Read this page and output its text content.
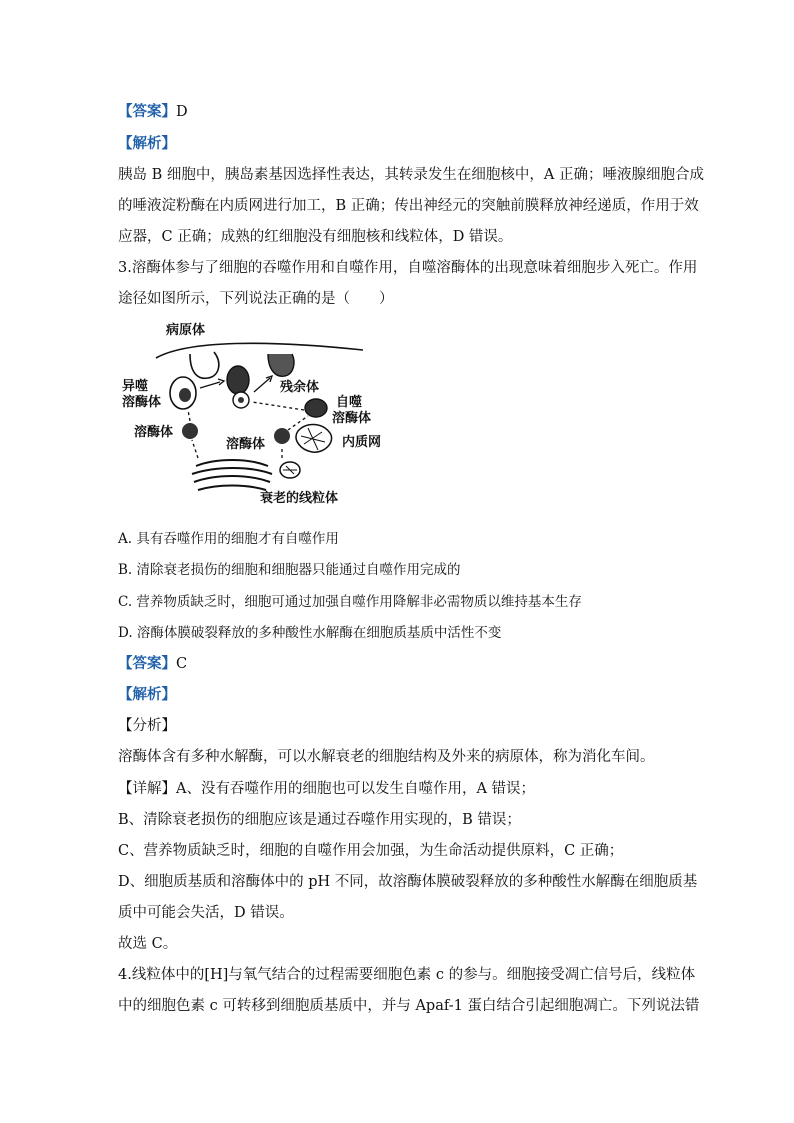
【答案】D
【解析】
胰岛 B 细胞中，胰岛素基因选择性表达，其转录发生在细胞核中，A 正确；唾液腺细胞合成
的唾液淀粉酶在内质网进行加工，B 正确；传出神经元的突触前膜释放神经递质，作用于效
应器，C 正确；成熟的红细胞没有细胞核和线粒体，D 错误。
3.溶酶体参与了细胞的吞噬作用和自噬作用，自噬溶酶体的出现意味着细胞步入死亡。作用
途径如图所示，下列说法正确的是（　　）
病原体
异噬
溶酶体
溶酶体
残余体
自噬
溶酶体
溶酶体	内质网
衰老的线粒体
A. 具有吞噬作用的细胞才有自噬作用
B. 清除衰老损伤的细胞和细胞器只能通过自噬作用完成的
C. 营养物质缺乏时，细胞可通过加强自噬作用降解非必需物质以维持基本生存
D. 溶酶体膜破裂释放的多种酸性水解酶在细胞质基质中活性不变
【答案】C
【解析】
【分析】
溶酶体含有多种水解酶，可以水解衰老的细胞结构及外来的病原体，称为消化车间。
【详解】A、没有吞噬作用的细胞也可以发生自噬作用，A 错误；
B、清除衰老损伤的细胞应该是通过吞噬作用实现的，B 错误；
C、营养物质缺乏时，细胞的自噬作用会加强，为生命活动提供原料，C 正确；
D、细胞质基质和溶酶体中的 pH 不同，故溶酶体膜破裂释放的多种酸性水解酶在细胞质基
质中可能会失活，D 错误。
故选 C。
4.线粒体中的[H]与氧气结合的过程需要细胞色素 c 的参与。细胞接受凋亡信号后，线粒体
中的细胞色素 c 可转移到细胞质基质中，并与 Apaf-1 蛋白结合引起细胞凋亡。下列说法错
